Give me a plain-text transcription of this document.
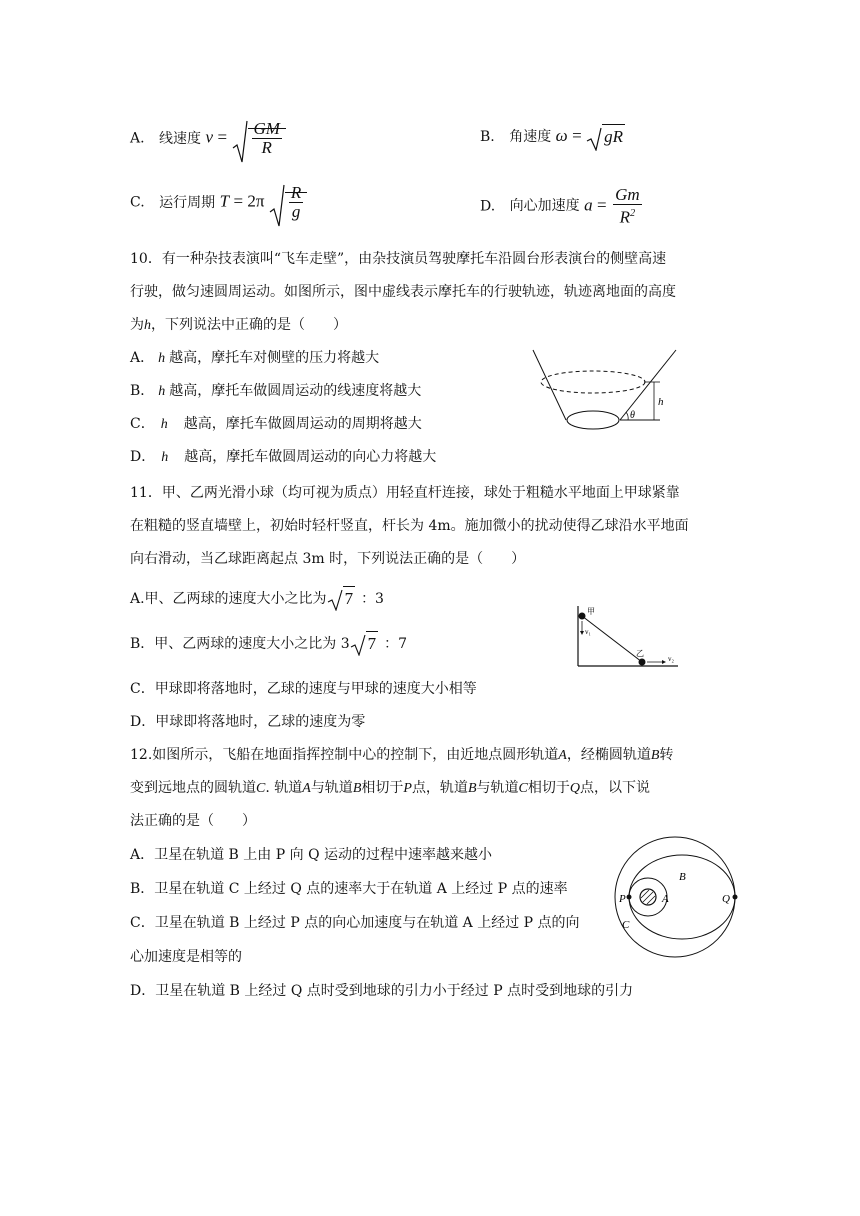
A. 线速度 $v = \frac{GM}{R}$	B. 角速度 ω = gR
C. 运行周期 $T = 2\pi \frac{R}{g}$	D. 向心加速度 $a = \frac{Gm}{R^2}$
10．有一种杂技表演叫“飞车走壁”，由杂技演员驾驶摩托车沿圆台形表演台的侧壁高速
行驶，做匀速圆周运动。如图所示，图中虚线表示摩托车的行驶轨迹，轨迹离地面的高度
为h，下列说法中正确的是（　　）
A． h 越高，摩托车对侧壁的压力将越大
B． h 越高，摩托车做圆周运动的线速度将越大
C． h 越高，摩托车做圆周运动的周期将越大
D． h 越高，摩托车做圆周运动的向心力将越大
h
θ
11．甲、乙两光滑小球（均可视为质点）用轻直杆连接，球处于粗糙水平地面上甲球紧靠
在粗糙的竖直墙壁上，初始时轻杆竖直，杆长为 4m。施加微小的扰动使得乙球沿水平地面
向右滑动，当乙球距离起点 3m 时，下列说法正确的是（　　）
A.甲、乙两球的速度大小之比为 7 ：3
B．甲、乙两球的速度大小之比为 3 7 ：7
C．甲球即将落地时，乙球的速度与甲球的速度大小相等
D．甲球即将落地时，乙球的速度为零
甲
乙
v₁
v₂
12.如图所示，飞船在地面指挥控制中心的控制下，由近地点圆形轨道A，经椭圆轨道B转
变到远地点的圆轨道C. 轨道A与轨道B相切于P点，轨道B与轨道C相切于Q点，以下说
法正确的是（　　）
A．卫星在轨道 B 上由 P 向 Q 运动的过程中速率越来越小
B．卫星在轨道 C 上经过 Q 点的速率大于在轨道 A 上经过 P 点的速率
C．卫星在轨道 B 上经过 P 点的向心加速度与在轨道 A 上经过 P 点的向
心加速度是相等的
D．卫星在轨道 B 上经过 Q 点时受到地球的引力小于经过 P 点时受到地球的引力
P	A
B
Q
C
